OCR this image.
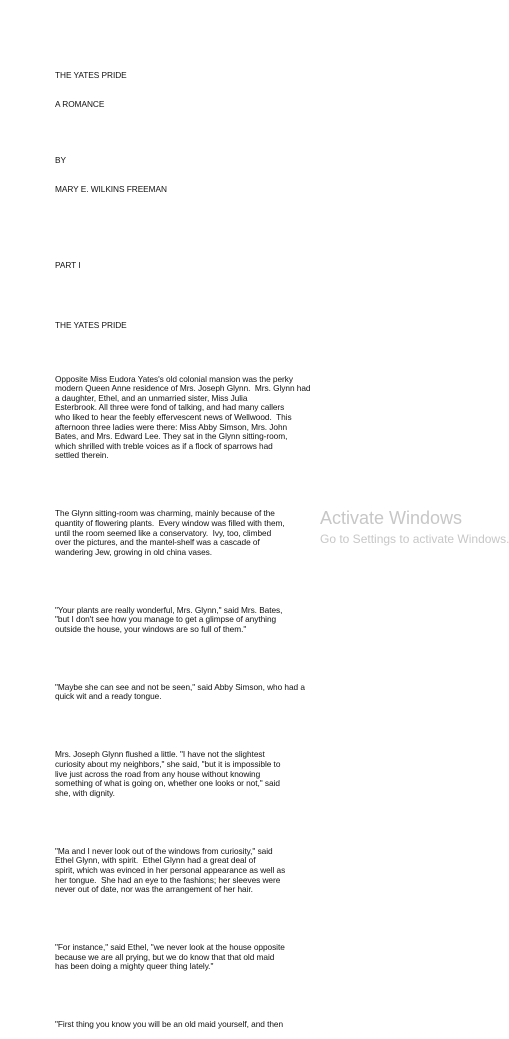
THE YATES PRIDE

A ROMANCE

BY

MARY E. WILKINS FREEMAN

PART I

THE YATES PRIDE

Opposite Miss Eudora Yates's old colonial mansion was the perky
modern Queen Anne residence of Mrs. Joseph Glynn.  Mrs. Glynn had
a daughter, Ethel, and an unmarried sister, Miss Julia
Esterbrook. All three were fond of talking, and had many callers
who liked to hear the feebly effervescent news of Wellwood.  This
afternoon three ladies were there: Miss Abby Simson, Mrs. John
Bates, and Mrs. Edward Lee. They sat in the Glynn sitting-room,
which shrilled with treble voices as if a flock of sparrows had
settled therein.

The Glynn sitting-room was charming, mainly because of the
quantity of flowering plants.  Every window was filled with them,
until the room seemed like a conservatory.  Ivy, too, climbed
over the pictures, and the mantel-shelf was a cascade of
wandering Jew, growing in old china vases.

"Your plants are really wonderful, Mrs. Glynn," said Mrs. Bates,
"but I don't see how you manage to get a glimpse of anything
outside the house, your windows are so full of them."

"Maybe she can see and not be seen," said Abby Simson, who had a
quick wit and a ready tongue.

Mrs. Joseph Glynn flushed a little. "I have not the slightest
curiosity about my neighbors," she said, "but it is impossible to
live just across the road from any house without knowing
something of what is going on, whether one looks or not," said
she, with dignity.

"Ma and I never look out of the windows from curiosity," said
Ethel Glynn, with spirit.  Ethel Glynn had a great deal of
spirit, which was evinced in her personal appearance as well as
her tongue.  She had an eye to the fashions; her sleeves were
never out of date, nor was the arrangement of her hair.

"For instance," said Ethel, "we never look at the house opposite
because we are all prying, but we do know that that old maid
has been doing a mighty queer thing lately."

"First thing you know you will be an old maid yourself, and then

Activate Windows
Go to Settings to activate Windows.
